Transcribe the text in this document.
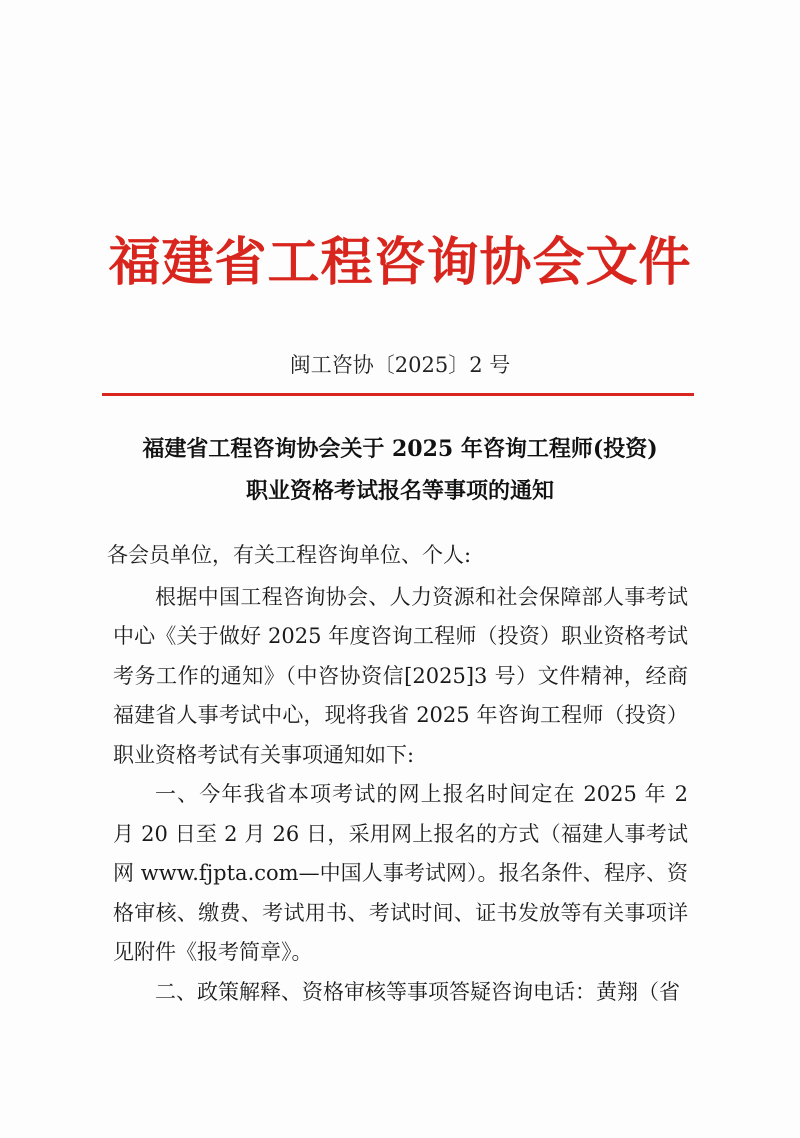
福建省工程咨询协会文件
闽工咨协〔2025〕2 号
福建省工程咨询协会关于 2025 年咨询工程师(投资)
职业资格考试报名等事项的通知

各会员单位，有关工程咨询单位、个人:

根据中国工程咨询协会、人力资源和社会保障部人事考试中心《关于做好 2025 年度咨询工程师（投资）职业资格考试考务工作的通知》（中咨协资信[2025]3 号）文件精神，经商福建省人事考试中心，现将我省 2025 年咨询工程师（投资）职业资格考试有关事项通知如下:

一、今年我省本项考试的网上报名时间定在 2025 年 2 月 20 日至 2 月 26 日，采用网上报名的方式（福建人事考试网 www.fjpta.com—中国人事考试网）。报名条件、程序、资格审核、缴费、考试用书、考试时间、证书发放等有关事项详见附件《报考简章》。

二、政策解释、资格审核等事项答疑咨询电话：黄翔（省
